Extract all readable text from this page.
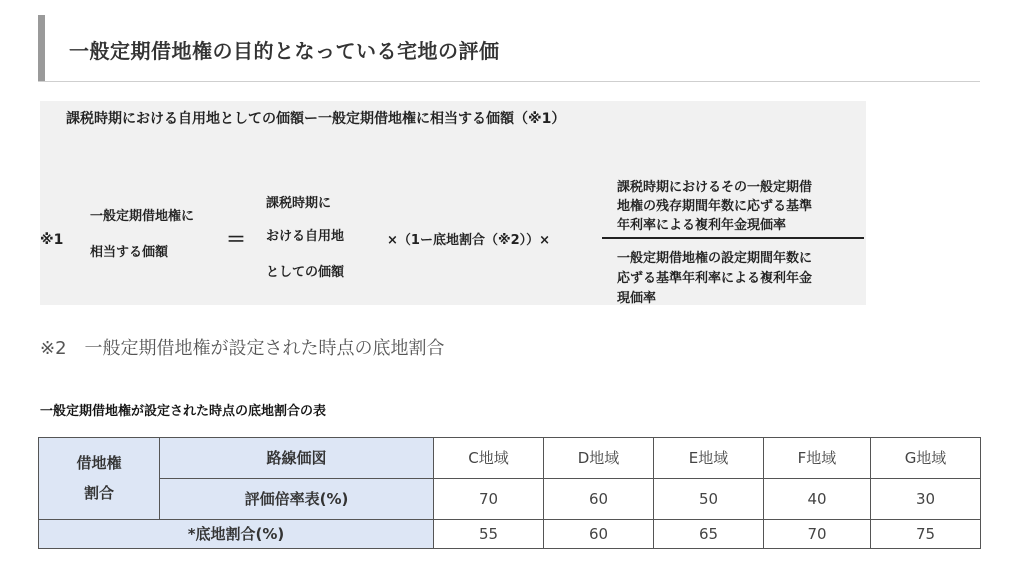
一般定期借地権の目的となっている宅地の評価
課税時期における自用地としての価額ー一般定期借地権に相当する価額（※1）
※1
一般定期借地権に
相当する価額
＝
課税時期に
おける自用地
としての価額
×（1ー底地割合（※2））×
課税時期におけるその一般定期借
地権の残存期間年数に応ずる基準
年利率による複利年金現価率
一般定期借地権の設定期間年数に
応ずる基準年利率による複利年金
現価率
※2　一般定期借地権が設定された時点の底地割合
一般定期借地権が設定された時点の底地割合の表
借地権
割合	路線価図	C地域	D地域	E地域	F地域	G地域
	評価倍率表(%)	70	60	50	40	30
*底地割合(%)		55	60	65	70	75
